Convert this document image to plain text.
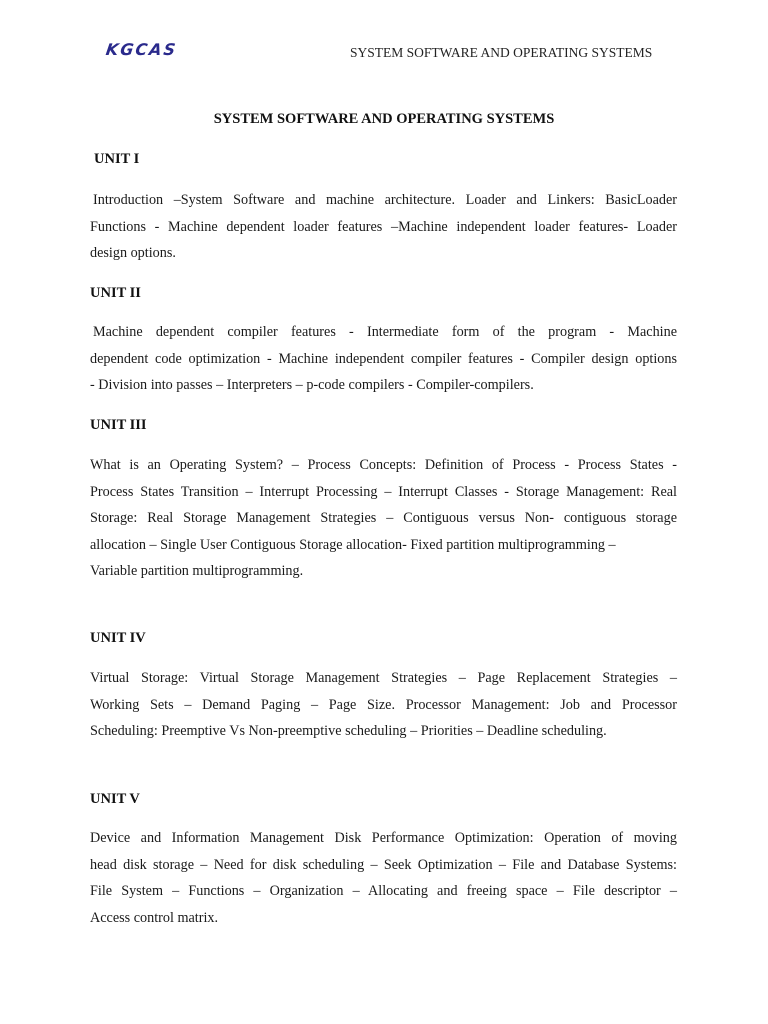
KGCAS	SYSTEM SOFTWARE AND OPERATING SYSTEMS
SYSTEM SOFTWARE AND OPERATING SYSTEMS
UNIT I
Introduction –System Software and machine architecture. Loader and Linkers: BasicLoader
Functions - Machine dependent loader features –Machine independent loader features- Loader
design options.
UNIT II
Machine dependent compiler features - Intermediate form of the program - Machine
dependent code optimization - Machine independent compiler features - Compiler design options
- Division into passes – Interpreters – p-code compilers - Compiler-compilers.
UNIT III
What is an Operating System? – Process Concepts: Definition of Process - Process States -
Process States Transition – Interrupt Processing – Interrupt Classes - Storage Management: Real
Storage: Real Storage Management Strategies – Contiguous versus Non- contiguous storage
allocation – Single User Contiguous Storage allocation- Fixed partition multiprogramming –
Variable partition multiprogramming.
UNIT IV
Virtual Storage: Virtual Storage Management Strategies – Page Replacement Strategies –
Working Sets – Demand Paging – Page Size. Processor Management: Job and Processor
Scheduling: Preemptive Vs Non-preemptive scheduling – Priorities – Deadline scheduling.
UNIT V
Device and Information Management Disk Performance Optimization: Operation of moving
head disk storage – Need for disk scheduling – Seek Optimization – File and Database Systems:
File System – Functions – Organization – Allocating and freeing space – File descriptor –
Access control matrix.
